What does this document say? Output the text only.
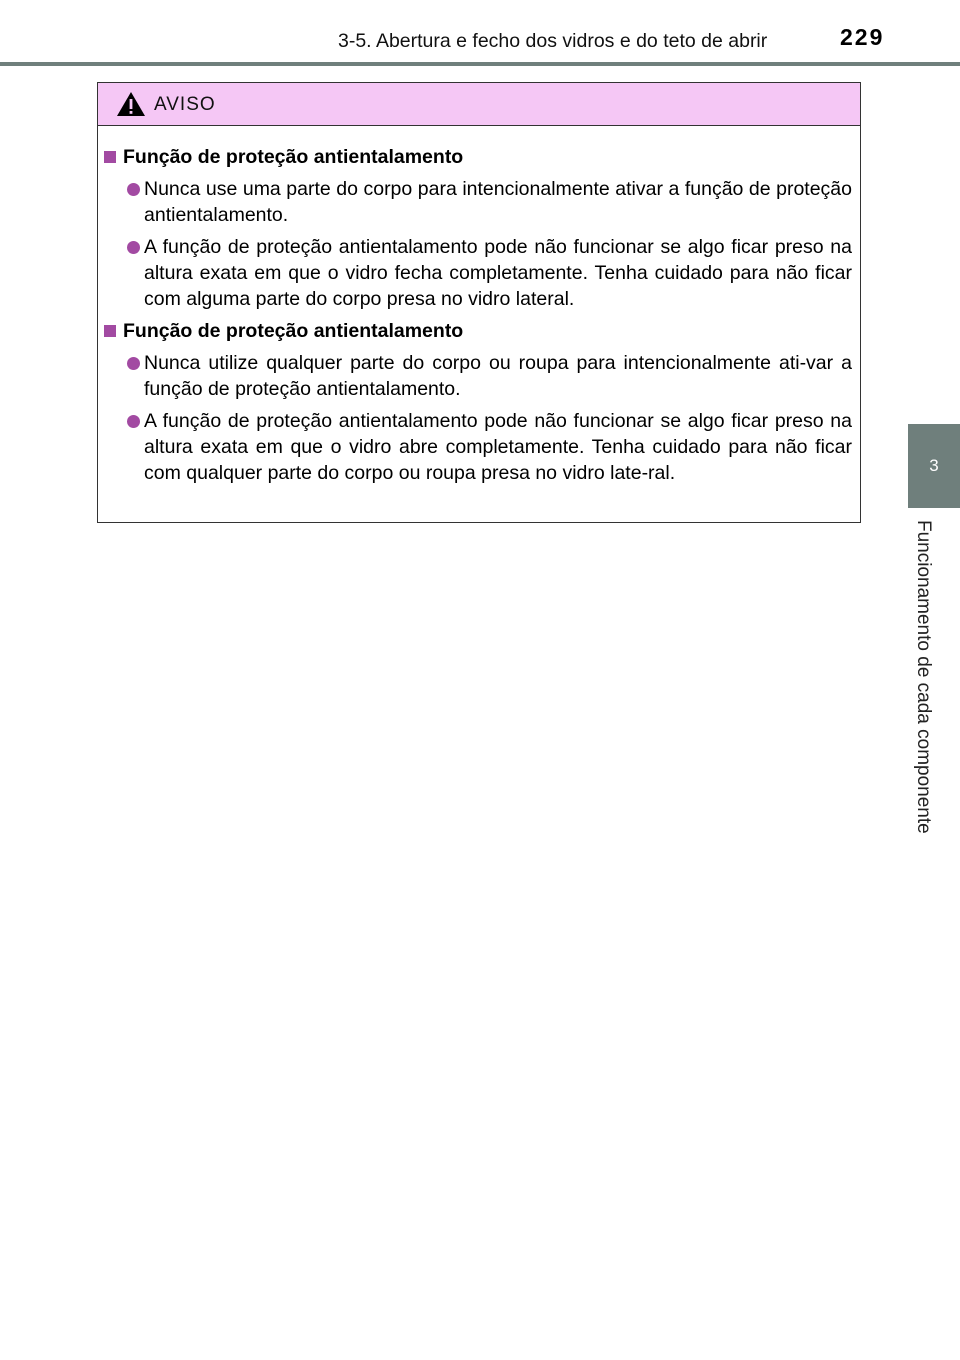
3-5. Abertura e fecho dos vidros e do teto de abrir	229
3
Funcionamento de cada componente
AVISO
Função de proteção antientalamento
Nunca use uma parte do corpo para intencionalmente ativar a função de proteção antientalamento.
A função de proteção antientalamento pode não funcionar se algo ficar preso na altura exata em que o vidro fecha completamente. Tenha cuidado para não ficar com alguma parte do corpo presa no vidro lateral.
Função de proteção antientalamento
Nunca utilize qualquer parte do corpo ou roupa para intencionalmente ati-var a função de proteção antientalamento.
A função de proteção antientalamento pode não funcionar se algo ficar preso na altura exata em que o vidro abre completamente. Tenha cuidado para não ficar com qualquer parte do corpo ou roupa presa no vidro late-ral.
